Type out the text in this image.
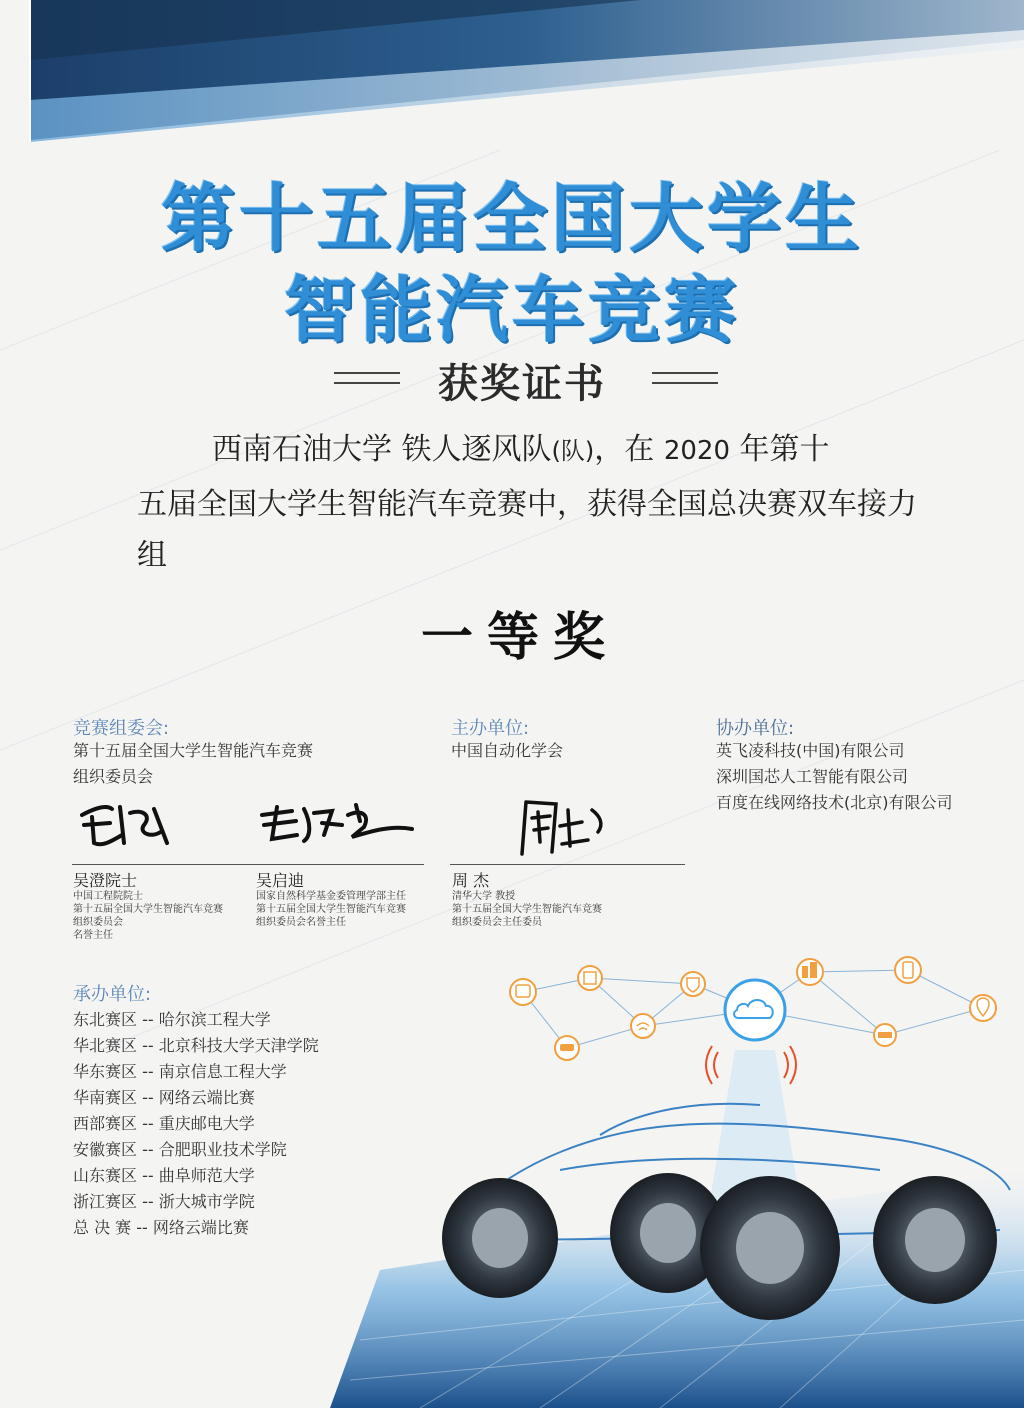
第十五届全国大学生
智能汽车竞赛
获奖证书
西南石油大学 铁人逐风队(队)，在 2020 年第十
五届全国大学生智能汽车竞赛中，获得全国总决赛双车接力
组
一等奖
竞赛组委会:
第十五届全国大学生智能汽车竞赛
组织委员会
主办单位:
中国自动化学会
协办单位:
英飞凌科技(中国)有限公司
深圳国芯人工智能有限公司
百度在线网络技术(北京)有限公司
吴澄院士
中国工程院院士
第十五届全国大学生智能汽车竞赛
组织委员会
名誉主任
吴启迪
国家自然科学基金委管理学部主任
第十五届全国大学生智能汽车竞赛
组织委员会名誉主任
周 杰
清华大学 教授
第十五届全国大学生智能汽车竞赛
组织委员会主任委员
承办单位:
东北赛区 -- 哈尔滨工程大学
华北赛区 -- 北京科技大学天津学院
华东赛区 -- 南京信息工程大学
华南赛区 -- 网络云端比赛
西部赛区 -- 重庆邮电大学
安徽赛区 -- 合肥职业技术学院
山东赛区 -- 曲阜师范大学
浙江赛区 -- 浙大城市学院
总 决 赛 -- 网络云端比赛
